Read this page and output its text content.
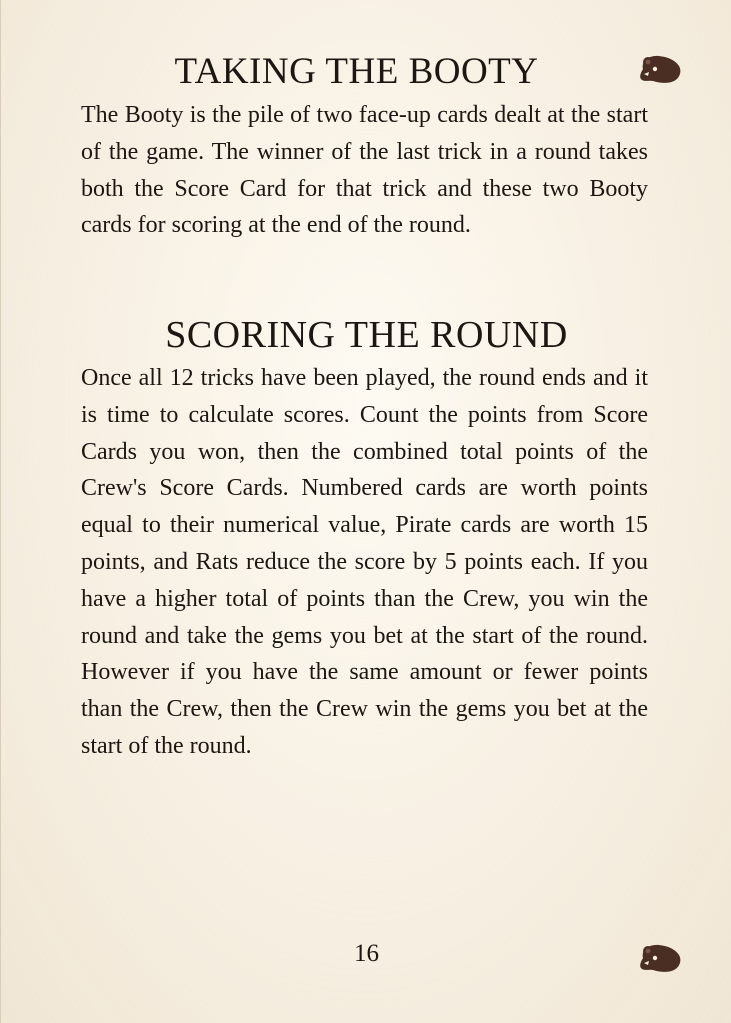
TAKING THE BOOTY

The Booty is the pile of two face-up cards dealt at the start of the game. The winner of the last trick in a round takes both the Score Card for that trick and these two Booty cards for scoring at the end of the round.

SCORING THE ROUND

Once all 12 tricks have been played, the round ends and it is time to calculate scores. Count the points from Score Cards you won, then the combined total points of the Crew's Score Cards. Numbered cards are worth points equal to their numerical value, Pirate cards are worth 15 points, and Rats reduce the score by 5 points each. If you have a higher total of points than the Crew, you win the round and take the gems you bet at the start of the round. However if you have the same amount or fewer points than the Crew, then the Crew win the gems you bet at the start of the round.

16
